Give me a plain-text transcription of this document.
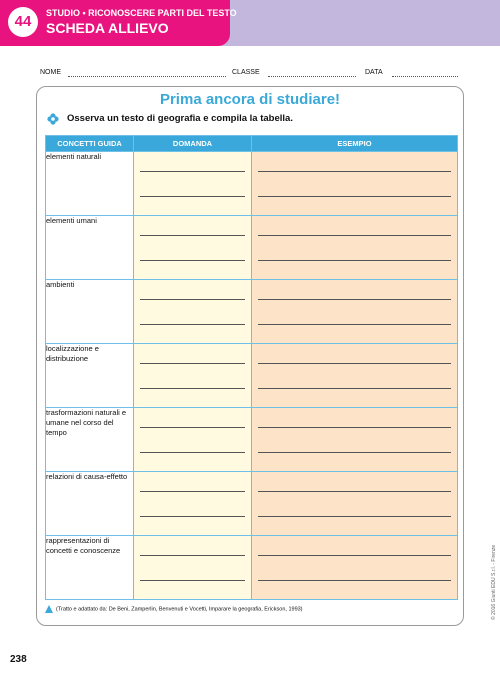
44	STUDIO • RICONOSCERE PARTI DEL TESTO
SCHEDA ALLIEVO
NOME	CLASSE	DATA
Prima ancora di studiare!
Osserva un testo di geografia e compila la tabella.
CONCETTI GUIDA	DOMANDA	ESEMPIO
elementi naturali	

elementi umani	

ambienti	

localizzazione e distribuzione	

trasformazioni naturali e umane nel corso del tempo	

relazioni di causa-effetto	

rappresentazioni di concetti e conoscenze	

(Tratto e adattato da: De Beni, Zamperlin, Benvenuti e Vocetti, Imparare la geografia, Erickson, 1993)	© 2016 Giunti EDU S.r.l. - Firenze
238
